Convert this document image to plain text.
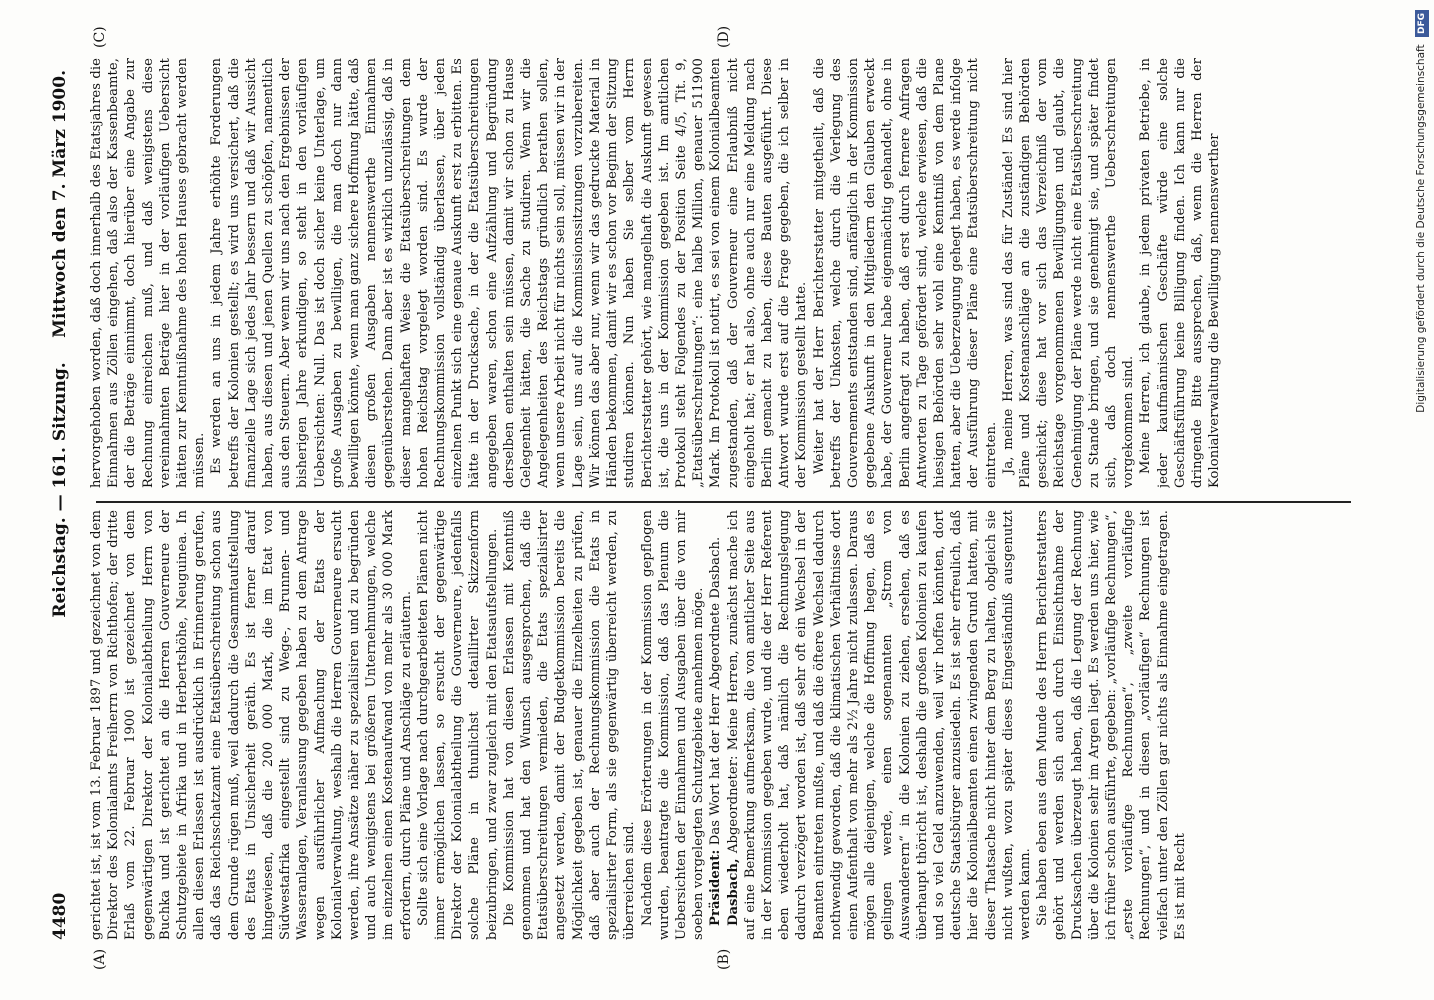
4480
Reichstag. — 161. Sitzung.
Mittwoch den 7. März 1900.
(A)	(B)
(C)	(D)

gerichtet ist, ist vom 13. Februar 1897 und gezeichnet von dem Direktor des Kolonialamts Freiherrn von Richthofen; der dritte Erlaß vom 22. Februar 1900 ist gezeichnet von dem gegenwärtigen Direktor der Kolonialabtheilung Herrn von Buchka und ist gerichtet an die Herren Gouverneure der Schutzgebiete in Afrika und in Herbertshöhe, Neuguinea. In allen diesen Erlassen ist ausdrücklich in Erinnerung gerufen, daß das Reichsschatzamt eine Etatsüberschreitung schon aus dem Grunde rügen muß, weil dadurch die Gesammtaufstellung des Etats in Unsicherheit geräth. Es ist ferner darauf hingewiesen, daß die 200 000 Mark, die im Etat von Südwestafrika eingestellt sind zu Wege-, Brunnen- und Wasseranlagen, Veranlassung gegeben haben zu dem Antrage wegen ausführlicher Aufmachung der Etats der Kolonialverwaltung, weshalb die Herren Gouverneure ersucht werden, ihre Ansätze näher zu spezialisiren und zu begründen und auch wenigstens bei größeren Unternehmungen, welche im einzelnen einen Kostenaufwand von mehr als 30 000 Mark erfordern, durch Pläne und Anschläge zu erläutern. Sollte sich eine Vorlage nach durchgearbeiteten Plänen nicht immer ermöglichen lassen, so ersucht der gegenwärtige Direktor der Kolonialabtheilung die Gouverneure, jedenfalls solche Pläne in thunlichst detaillirter Skizzenform beizubringen, und zwar zugleich mit den Etatsaufstellungen. Die Kommission hat von diesen Erlassen mit Kenntniß genommen und hat den Wunsch ausgesprochen, daß die Etatsüberschreitungen vermieden, die Etats spezialisirter angesetzt werden, damit der Budgetkommission bereits die Möglichkeit gegeben ist, genauer die Einzelheiten zu prüfen, daß aber auch der Rechnungskommission die Etats in spezialisirter Form, als sie gegenwärtig überreicht werden, zu überreichen sind. Nachdem diese Erörterungen in der Kommission gepflogen wurden, beantragte die Kommission, daß das Plenum die Uebersichten der Einnahmen und Ausgaben über die von mir soeben vorgelegten Schutzgebiete annehmen möge. Präsident: Das Wort hat der Herr Abgeordnete Dasbach.

Dasbach, Abgeordneter: Meine Herren, zunächst mache ich auf eine Bemerkung aufmerksam, die von amtlicher Seite aus in der Kommission gegeben wurde, und die der Herr Referent eben wiederholt hat, daß nämlich die Rechnungslegung dadurch verzögert worden ist, daß sehr oft ein Wechsel in der Beamten eintreten mußte, und daß die öftere Wechsel dadurch nothwendig geworden, daß die klimatischen Verhältnisse dort einen Aufenthalt von mehr als 2½ Jahre nicht zulassen. Daraus mögen alle diejenigen, welche die Hoffnung hegen, daß es gelingen werde, einen sogenannten „Strom von Auswanderern“ in die Kolonien zu ziehen, ersehen, daß es überhaupt thöricht ist, deshalb die großen Kolonien zu kaufen und so viel Geld anzuwenden, weil wir hoffen könnten, dort deutsche Staatsbürger anzusiedeln. Es ist sehr erfreulich, daß hier die Kolonialbeamten einen zwingenden Grund hatten, mit dieser Thatsache nicht hinter dem Berg zu halten, obgleich sie nicht wußten, wozu später dieses Eingeständniß ausgenutzt werden kann. Sie haben eben aus dem Munde des Herrn Berichterstatters gehört und werden sich auch durch Einsichtnahme der Drucksachen überzeugt haben, daß die Legung der Rechnung über die Kolonien sehr im Argen liegt. Es werden uns hier, wie ich früher schon ausführte, gegeben: „vorläufige Rechnungen“, „erste vorläufige Rechnungen“, „zweite vorläufige Rechnungen“, und in diesen „vorläufigen“ Rechnungen ist vielfach unter den Zöllen gar nichts als Einnahme eingetragen. Es ist mit Recht

hervorgehoben worden, daß doch innerhalb des Etatsjahres die Einnahmen aus Zöllen eingehen, daß also der Kassenbeamte, der die Beträge einnimmt, doch hierüber eine Angabe zur Rechnung einreichen muß, und daß wenigstens diese vereinnahmten Beträge hier in der vorläufigen Uebersicht hätten zur Kenntnißnahme des hohen Hauses gebracht werden müssen. Es werden an uns in jedem Jahre erhöhte Forderungen betreffs der Kolonien gestellt; es wird uns versichert, daß die finanzielle Lage sich jedes Jahr bessern und daß wir Aussicht haben, aus diesen und jenen Quellen zu schöpfen, namentlich aus den Steuern. Aber wenn wir uns nach den Ergebnissen der bisherigen Jahre erkundigen, so steht in den vorläufigen Uebersichten: Null. Das ist doch sicher keine Unterlage, um große Ausgaben zu bewilligen, die man doch nur dann bewilligen könnte, wenn man ganz sichere Hoffnung hätte, daß diesen großen Ausgaben nennenswerthe Einnahmen gegenüberstehen. Dann aber ist es wirklich unzulässig, daß in dieser mangelhaften Weise die Etatsüberschreitungen dem hohen Reichstag vorgelegt worden sind. Es wurde der Rechnungskommission vollständig überlassen, über jeden einzelnen Punkt sich eine genaue Auskunft erst zu erbitten. Es hätte in der Drucksache, in der die Etatsüberschreitungen angegeben waren, schon eine Aufzählung und Begründung derselben enthalten sein müssen, damit wir schon zu Hause Gelegenheit hätten, die Sache zu studiren. Wenn wir die Angelegenheiten des Reichstags gründlich berathen sollen, wenn unsere Arbeit nicht für nichts sein soll, müssen wir in der Lage sein, uns auf die Kommissionssitzungen vorzubereiten. Wir können das aber nur, wenn wir das gedruckte Material in Händen bekommen, damit wir es schon vor Beginn der Sitzung studiren können. Nun haben Sie selber vom Herrn Berichterstatter gehört, wie mangelhaft die Auskunft gewesen ist, die uns in der Kommission gegeben ist. Im amtlichen Protokoll steht Folgendes zu der Position Seite 4/5, Tit. 9, „Etatsüberschreitungen“: eine halbe Million, genauer 511900 Mark. Im Protokoll ist notirt, es sei von einem Kolonialbeamten zugestanden, daß der Gouverneur eine Erlaubniß nicht eingeholt hat; er hat also, ohne auch nur eine Meldung nach Berlin gemacht zu haben, diese Bauten ausgeführt. Diese Antwort wurde erst auf die Frage gegeben, die ich selber in der Kommission gestellt hatte. Weiter hat der Herr Berichterstatter mitgetheilt, daß die betreffs der Unkosten, welche durch die Verlegung des Gouvernements entstanden sind, anfänglich in der Kommission gegebene Auskunft in den Mitgliedern den Glauben erweckt habe, der Gouverneur habe eigenmächtig gehandelt, ohne in Berlin angefragt zu haben, daß erst durch fernere Anfragen Antworten zu Tage gefördert sind, welche erwiesen, daß die hiesigen Behörden sehr wohl eine Kenntniß von dem Plane hatten, aber die Ueberzeugung gehegt haben, es werde infolge der Ausführung dieser Pläne eine Etatsüberschreitung nicht eintreten. Ja, meine Herren, was sind das für Zustände! Es sind hier Pläne und Kostenanschläge an die zuständigen Behörden geschickt; diese hat vor sich das Verzeichniß der vom Reichstage vorgenommenen Bewilligungen und glaubt, die Genehmigung der Pläne werde nicht eine Etatsüberschreitung zu Stande bringen, und sie genehmigt sie, und später findet sich, daß doch nennenswerthe Ueberschreitungen vorgekommen sind. Meine Herren, ich glaube, in jedem privaten Betriebe, in jeder kaufmännischen Geschäfte würde eine solche Geschäftsführung keine Billigung finden. Ich kann nur die dringende Bitte aussprechen, daß, wenn die Herren der Kolonialverwaltung die Bewilligung nennenswerther	Digitalisierung gefördert durch die Deutsche Forschungsgemeinschaft DFG
